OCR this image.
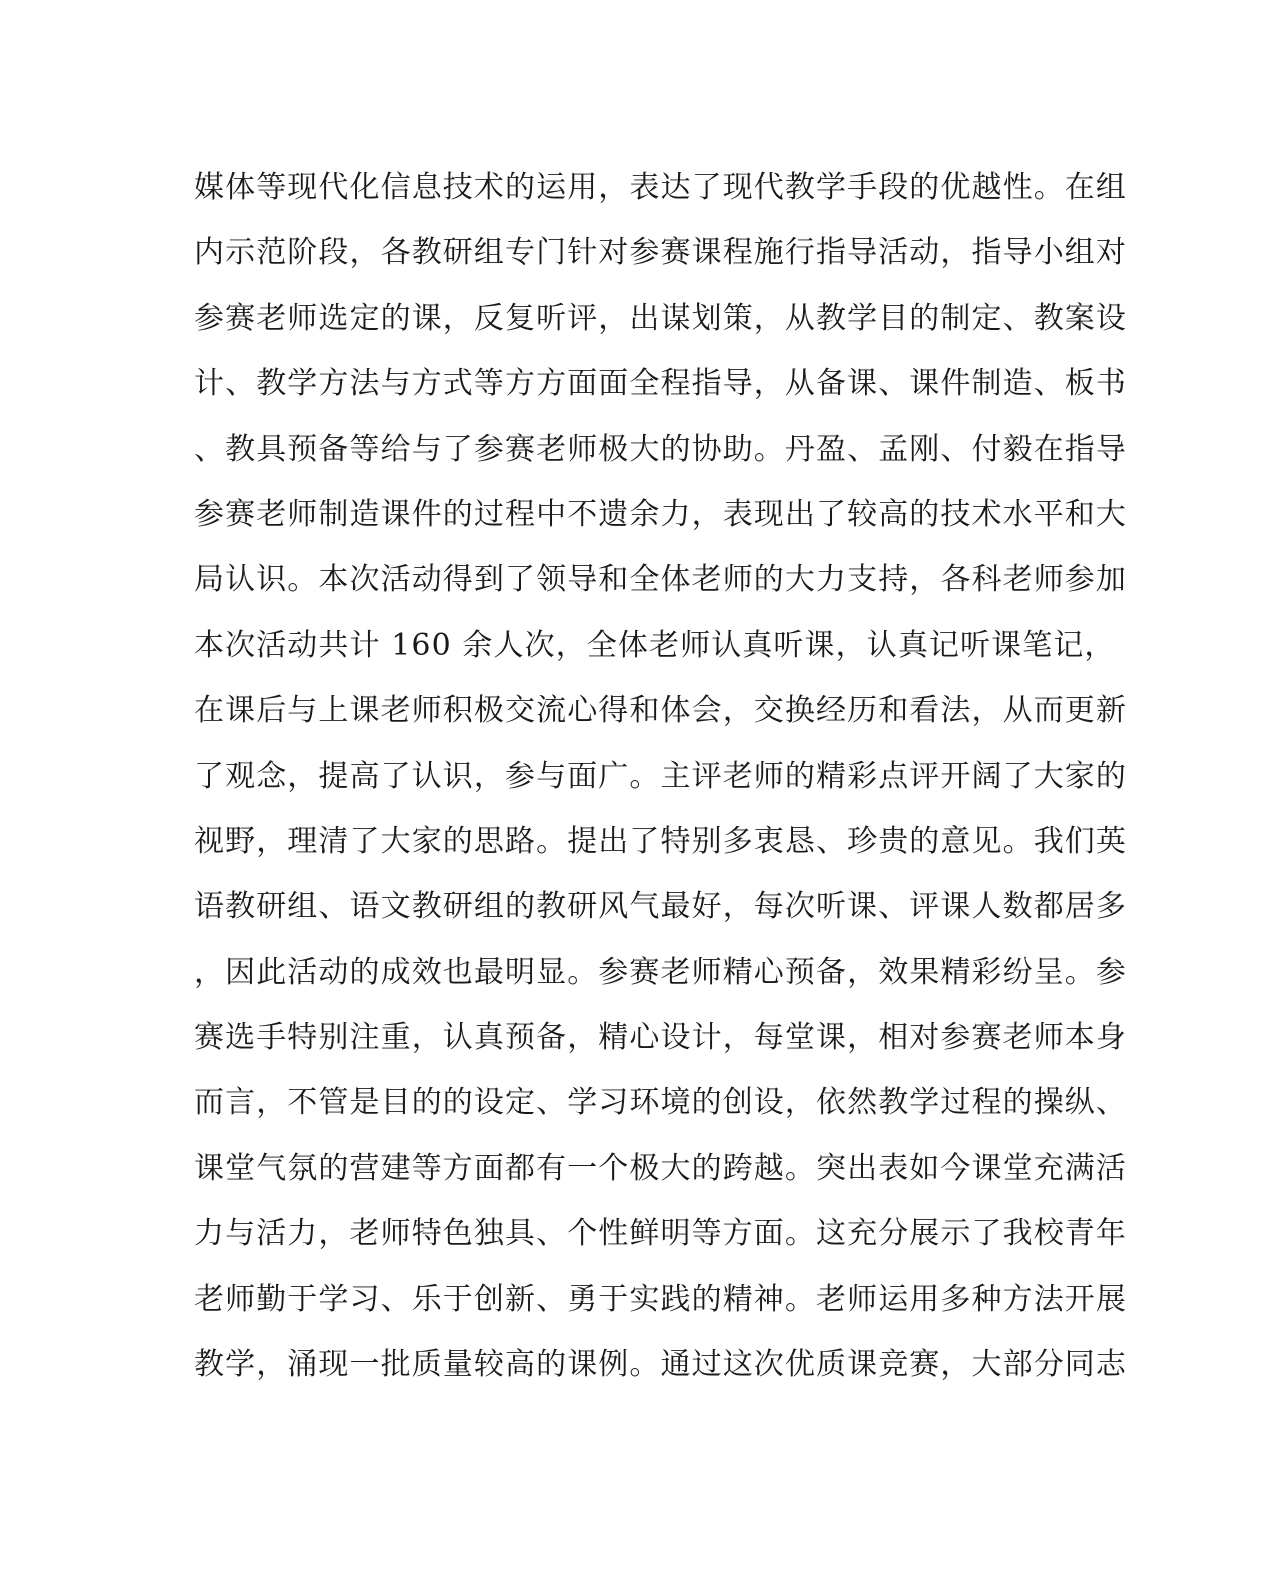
媒体等现代化信息技术的运用，表达了现代教学手段的优越性。在组
内示范阶段，各教研组专门针对参赛课程施行指导活动，指导小组对
参赛老师选定的课，反复听评，出谋划策，从教学目的制定、教案设
计、教学方法与方式等方方面面全程指导，从备课、课件制造、板书
、教具预备等给与了参赛老师极大的协助。丹盈、孟刚、付毅在指导
参赛老师制造课件的过程中不遗余力，表现出了较高的技术水平和大
局认识。本次活动得到了领导和全体老师的大力支持，各科老师参加
本次活动共计 160 余人次，全体老师认真听课，认真记听课笔记，
在课后与上课老师积极交流心得和体会，交换经历和看法，从而更新
了观念，提高了认识，参与面广。主评老师的精彩点评开阔了大家的
视野，理清了大家的思路。提出了特别多衷恳、珍贵的意见。我们英
语教研组、语文教研组的教研风气最好，每次听课、评课人数都居多
，因此活动的成效也最明显。参赛老师精心预备，效果精彩纷呈。参
赛选手特别注重，认真预备，精心设计，每堂课，相对参赛老师本身
而言，不管是目的的设定、学习环境的创设，依然教学过程的操纵、
课堂气氛的营建等方面都有一个极大的跨越。突出表如今课堂充满活
力与活力，老师特色独具、个性鲜明等方面。这充分展示了我校青年
老师勤于学习、乐于创新、勇于实践的精神。老师运用多种方法开展
教学，涌现一批质量较高的课例。通过这次优质课竞赛，大部分同志
